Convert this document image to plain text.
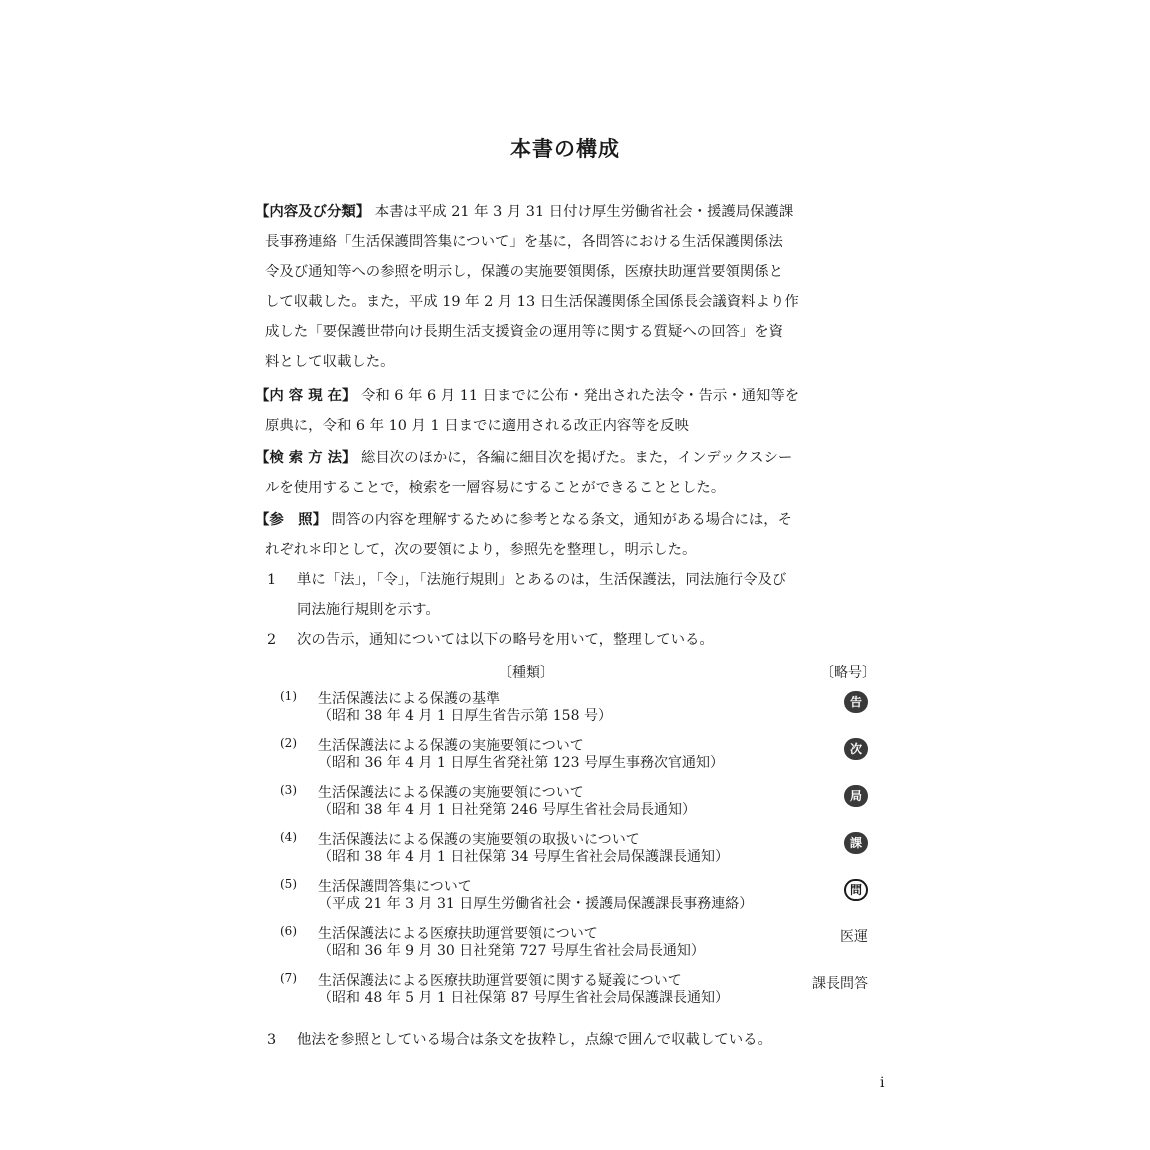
本書の構成
【内容及び分類】 本書は平成 21 年 3 月 31 日付け厚生労働省社会・援護局保護課
長事務連絡「生活保護問答集について」を基に，各問答における生活保護関係法
令及び通知等への参照を明示し，保護の実施要領関係，医療扶助運営要領関係と
して収載した。また，平成 19 年 2 月 13 日生活保護関係全国係長会議資料より作
成した「要保護世帯向け長期生活支援資金の運用等に関する質疑への回答」を資
料として収載した。
【内 容 現 在】 令和 6 年 6 月 11 日までに公布・発出された法令・告示・通知等を
原典に，令和 6 年 10 月 1 日までに適用される改正内容等を反映
【検 索 方 法】 総目次のほかに，各編に細目次を掲げた。また，インデックスシー
ルを使用することで，検索を一層容易にすることができることとした。
【参　照】 問答の内容を理解するために参考となる条文，通知がある場合には，そ
れぞれ＊印として，次の要領により，参照先を整理し，明示した。
1 単に「法」，「令」，「法施行規則」とあるのは，生活保護法，同法施行令及び
同法施行規則を示す。
2 次の告示，通知については以下の略号を用いて，整理している。
〔種類〕	〔略号〕
(1) 生活保護法による保護の基準
（昭和 38 年 4 月 1 日厚生省告示第 158 号）
告
(2) 生活保護法による保護の実施要領について
（昭和 36 年 4 月 1 日厚生省発社第 123 号厚生事務次官通知）
次
(3) 生活保護法による保護の実施要領について
（昭和 38 年 4 月 1 日社発第 246 号厚生省社会局長通知）
局
(4) 生活保護法による保護の実施要領の取扱いについて
（昭和 38 年 4 月 1 日社保第 34 号厚生省社会局保護課長通知）
課
(5) 生活保護問答集について
（平成 21 年 3 月 31 日厚生労働省社会・援護局保護課長事務連絡）
問
(6) 生活保護法による医療扶助運営要領について
（昭和 36 年 9 月 30 日社発第 727 号厚生省社会局長通知）
医運
(7) 生活保護法による医療扶助運営要領に関する疑義について
（昭和 48 年 5 月 1 日社保第 87 号厚生省社会局保護課長通知）
課長問答
3 他法を参照としている場合は条文を抜粋し，点線で囲んで収載している。
i
